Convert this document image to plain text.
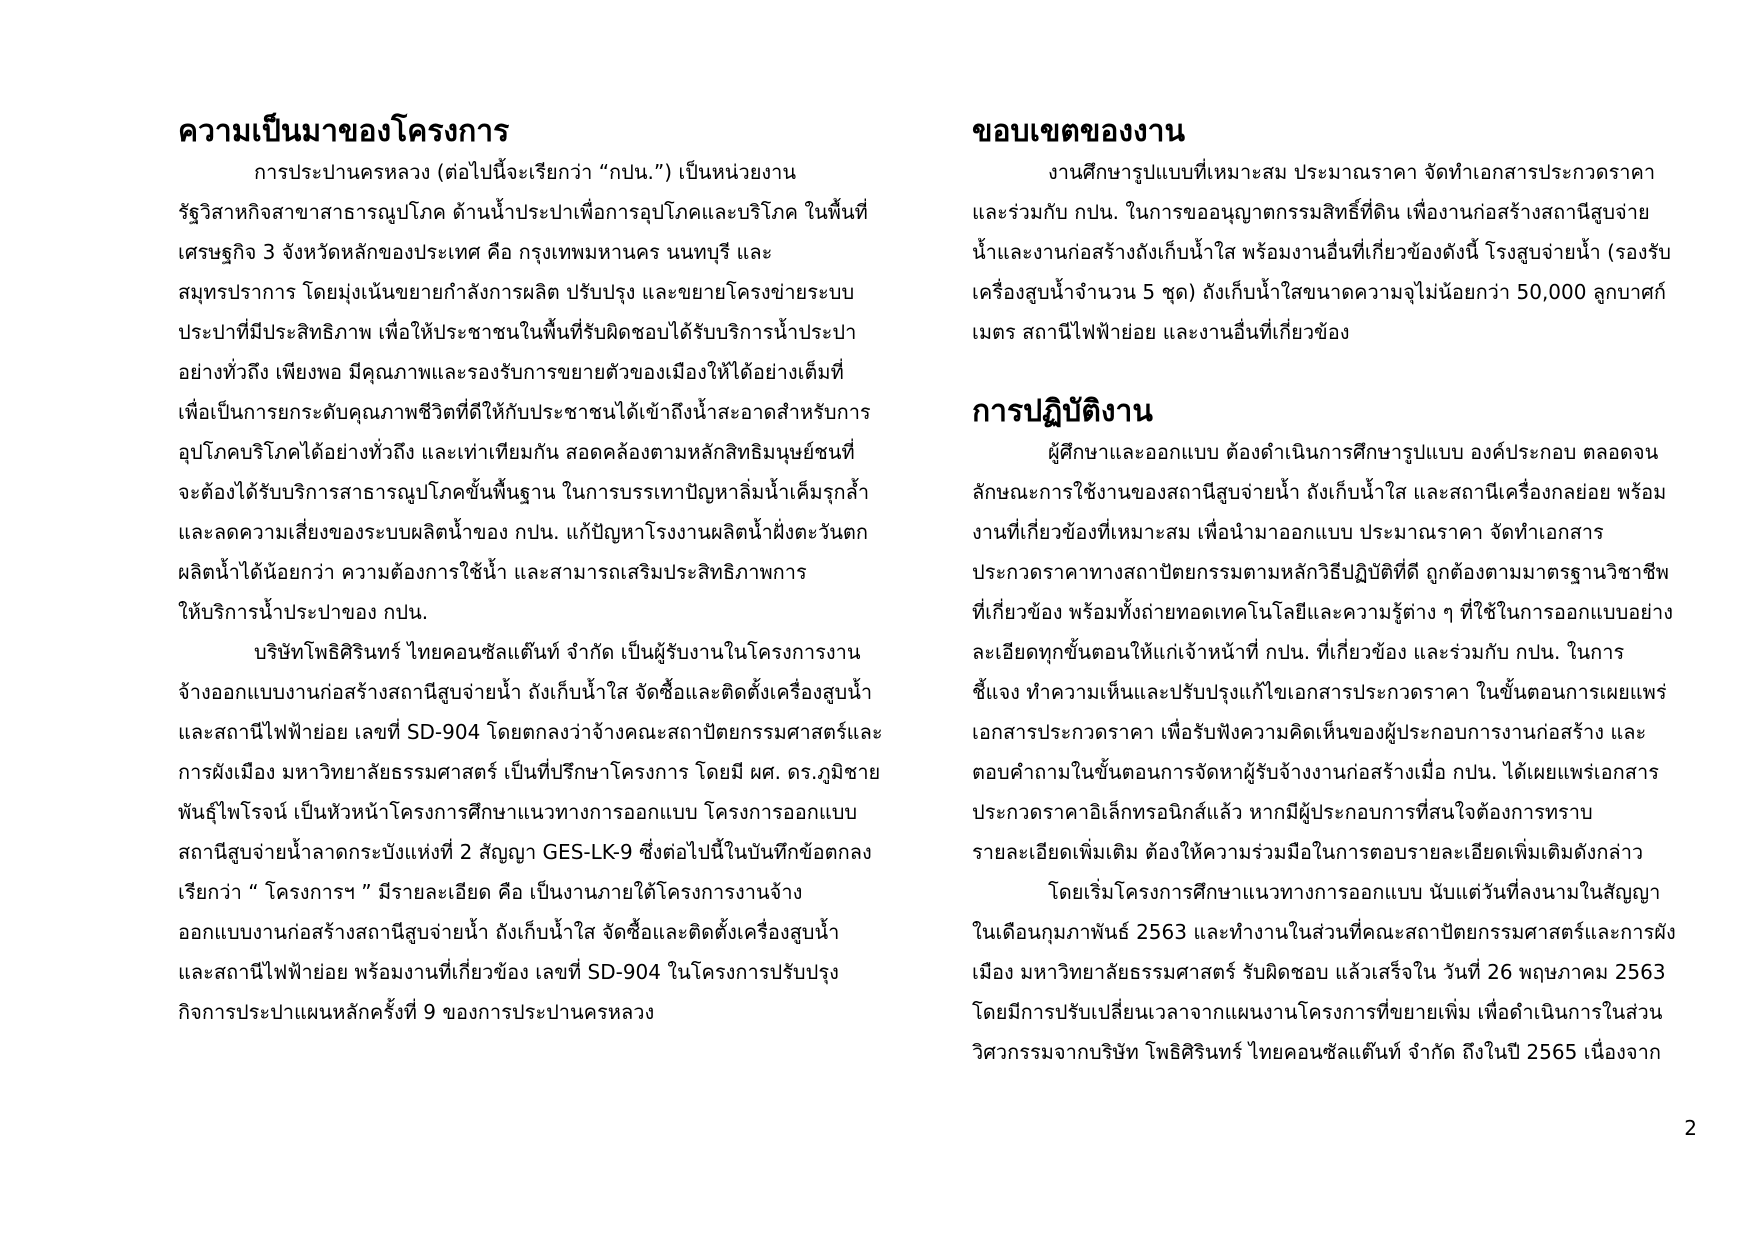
ความเป็นมาของโครงการ

การประปานครหลวง (ต่อไปนี้จะเรียกว่า “กปน.”) เป็นหน่วยงาน
รัฐวิสาหกิจสาขาสาธารณูปโภค ด้านน้ำประปาเพื่อการอุปโภคและบริโภค ในพื้นที่
เศรษฐกิจ 3 จังหวัดหลักของประเทศ คือ กรุงเทพมหานคร นนทบุรี และ
สมุทรปราการ โดยมุ่งเน้นขยายกำลังการผลิต ปรับปรุง และขยายโครงข่ายระบบ
ประปาที่มีประสิทธิภาพ เพื่อให้ประชาชนในพื้นที่รับผิดชอบได้รับบริการน้ำประปา
อย่างทั่วถึง เพียงพอ มีคุณภาพและรองรับการขยายตัวของเมืองให้ได้อย่างเต็มที่
เพื่อเป็นการยกระดับคุณภาพชีวิตที่ดีให้กับประชาชนได้เข้าถึงน้ำสะอาดสำหรับการ
อุปโภคบริโภคได้อย่างทั่วถึง และเท่าเทียมกัน สอดคล้องตามหลักสิทธิมนุษย์ชนที่
จะต้องได้รับบริการสาธารณูปโภคขั้นพื้นฐาน ในการบรรเทาปัญหาลิ่มน้ำเค็มรุกล้ำ
และลดความเสี่ยงของระบบผลิตน้ำของ กปน. แก้ปัญหาโรงงานผลิตน้ำฝั่งตะวันตก
ผลิตน้ำได้น้อยกว่า ความต้องการใช้น้ำ และสามารถเสริมประสิทธิภาพการ
ให้บริการน้ำประปาของ กปน.

บริษัทโพธิศิรินทร์ ไทยคอนซัลแต๊นท์ จำกัด เป็นผู้รับงานในโครงการงาน
จ้างออกแบบงานก่อสร้างสถานีสูบจ่ายน้ำ ถังเก็บน้ำใส จัดซื้อและติดตั้งเครื่องสูบน้ำ
และสถานีไฟฟ้าย่อย เลขที่ SD-904 โดยตกลงว่าจ้างคณะสถาปัตยกรรมศาสตร์และ
การผังเมือง มหาวิทยาลัยธรรมศาสตร์ เป็นที่ปรึกษาโครงการ โดยมี ผศ. ดร.ภูมิชาย
พันธุ์ไพโรจน์ เป็นหัวหน้าโครงการศึกษาแนวทางการออกแบบ โครงการออกแบบ
สถานีสูบจ่ายน้ำลาดกระบังแห่งที่ 2 สัญญา GES-LK-9 ซึ่งต่อไปนี้ในบันทึกข้อตกลง
เรียกว่า “ โครงการฯ ” มีรายละเอียด คือ เป็นงานภายใต้โครงการงานจ้าง
ออกแบบงานก่อสร้างสถานีสูบจ่ายน้ำ ถังเก็บน้ำใส จัดซื้อและติดตั้งเครื่องสูบน้ำ
และสถานีไฟฟ้าย่อย พร้อมงานที่เกี่ยวข้อง เลขที่ SD-904 ในโครงการปรับปรุง
กิจการประปาแผนหลักครั้งที่ 9 ของการประปานครหลวง

ขอบเขตของงาน

งานศึกษารูปแบบที่เหมาะสม ประมาณราคา จัดทำเอกสารประกวดราคา
และร่วมกับ กปน. ในการขออนุญาตกรรมสิทธิ์ที่ดิน เพื่องานก่อสร้างสถานีสูบจ่าย
น้ำและงานก่อสร้างถังเก็บน้ำใส พร้อมงานอื่นที่เกี่ยวข้องดังนี้ โรงสูบจ่ายน้ำ (รองรับ
เครื่องสูบน้ำจำนวน 5 ชุด) ถังเก็บน้ำใสขนาดความจุไม่น้อยกว่า 50,000 ลูกบาศก์
เมตร สถานีไฟฟ้าย่อย และงานอื่นที่เกี่ยวข้อง

การปฏิบัติงาน

ผู้ศึกษาและออกแบบ ต้องดำเนินการศึกษารูปแบบ องค์ประกอบ ตลอดจน
ลักษณะการใช้งานของสถานีสูบจ่ายน้ำ ถังเก็บน้ำใส และสถานีเครื่องกลย่อย พร้อม
งานที่เกี่ยวข้องที่เหมาะสม เพื่อนำมาออกแบบ ประมาณราคา จัดทำเอกสาร
ประกวดราคาทางสถาปัตยกรรมตามหลักวิธีปฏิบัติที่ดี ถูกต้องตามมาตรฐานวิชาชีพ
ที่เกี่ยวข้อง พร้อมทั้งถ่ายทอดเทคโนโลยีและความรู้ต่าง ๆ ที่ใช้ในการออกแบบอย่าง
ละเอียดทุกขั้นตอนให้แก่เจ้าหน้าที่ กปน. ที่เกี่ยวข้อง และร่วมกับ กปน. ในการ
ชี้แจง ทำความเห็นและปรับปรุงแก้ไขเอกสารประกวดราคา ในขั้นตอนการเผยแพร่
เอกสารประกวดราคา เพื่อรับฟังความคิดเห็นของผู้ประกอบการงานก่อสร้าง และ
ตอบคำถามในขั้นตอนการจัดหาผู้รับจ้างงานก่อสร้างเมื่อ กปน. ได้เผยแพร่เอกสาร
ประกวดราคาอิเล็กทรอนิกส์แล้ว หากมีผู้ประกอบการที่สนใจต้องการทราบ
รายละเอียดเพิ่มเติม ต้องให้ความร่วมมือในการตอบรายละเอียดเพิ่มเติมดังกล่าว

โดยเริ่มโครงการศึกษาแนวทางการออกแบบ นับแต่วันที่ลงนามในสัญญา
ในเดือนกุมภาพันธ์ 2563 และทำงานในส่วนที่คณะสถาปัตยกรรมศาสตร์และการผัง
เมือง มหาวิทยาลัยธรรมศาสตร์ รับผิดชอบ แล้วเสร็จใน วันที่ 26 พฤษภาคม 2563
โดยมีการปรับเปลี่ยนเวลาจากแผนงานโครงการที่ขยายเพิ่ม เพื่อดำเนินการในส่วน
วิศวกรรมจากบริษัท โพธิศิรินทร์ ไทยคอนซัลแต๊นท์ จำกัด ถึงในปี 2565 เนื่องจาก

2
